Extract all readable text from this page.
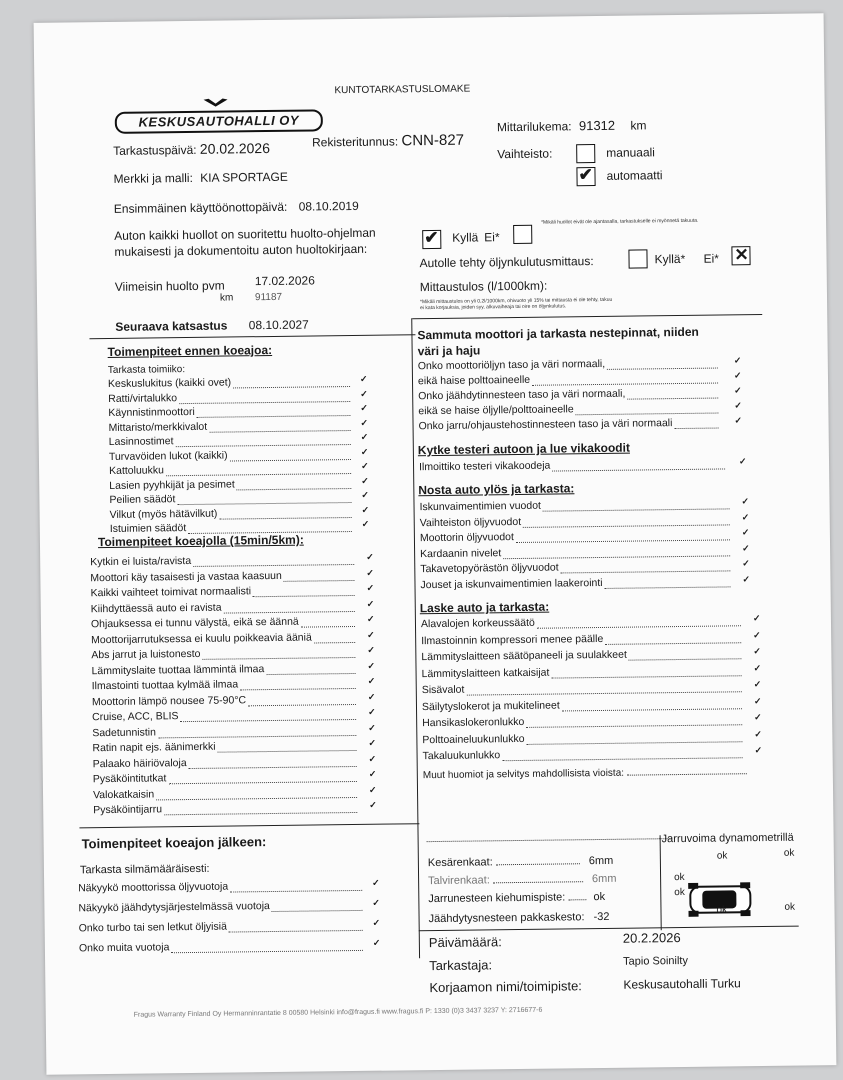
KESKUSAUTOHALLI OY
KUNTOTARKASTUSLOMAKE
Tarkastuspäivä: 20.02.2026	Rekisteritunnus: CNN-827
Mittarilukema: 91312 km
Merkki ja malli: KIA SPORTAGE
Vaihteisto:	manuaali
✔ automaatti
Ensimmäinen käyttöönottopäivä: 08.10.2019
Auton kaikki huollot on suoritettu huolto-ohjelman
mukaisesti ja dokumentoitu auton huoltokirjaan:
✔ Kyllä Ei*
*Mikäli huollot eivät ole ajantasalla, tarkastukselle ei myönnetä takuuta.
Autolle tehty öljynkulutusmittaus:	Kyllä* Ei* ✕
Viimeisin huolto pvm 17.02.2026
km 91187
Mittaustulos (l/1000km):
*Mikäli mittaustulos on yli 0,2l/1000km, ohivuoto yli 15% tai mittausta ei ole tehty, takuu
ei kata korjauksia, joiden syy, alkuvaiheaja tai oire on öljynkulutus.
Seuraava katsastus 08.10.2027
Toimenpiteet ennen koeajoa:
Tarkasta toimiiko:
Keskuslukitus (kaikki ovet)	✓
Ratti/virtalukko	✓
Käynnistinmoottori	✓
Mittaristo/merkkivalot	✓
Lasinnostimet	✓
Turvavöiden lukot (kaikki)	✓
Kattoluukku	✓
Lasien pyyhkijät ja pesimet	✓
Peilien säädöt	✓
Vilkut (myös hätävilkut)	✓
Istuimien säädöt	✓
Toimenpiteet koeajolla (15min/5km):
Kytkin ei luista/ravista	✓
Moottori käy tasaisesti ja vastaa kaasuun	✓
Kaikki vaihteet toimivat normaalisti	✓
Kiihdyttäessä auto ei ravista	✓
Ohjauksessa ei tunnu välystä, eikä se äännä	✓
Moottorijarrutuksessa ei kuulu poikkeavia ääniä	✓
Abs jarrut ja luistonesto	✓
Lämmityslaite tuottaa lämmintä ilmaa	✓
Ilmastointi tuottaa kylmää ilmaa	✓
Moottorin lämpö nousee 75-90°C	✓
Cruise, ACC, BLIS	✓
Sadetunnistin	✓
Ratin napit ejs. äänimerkki	✓
Palaako häiriövaloja	✓
Pysäköintitutkat	✓
Valokatkaisin	✓
Pysäköintijarru	✓
Toimenpiteet koeajon jälkeen:
Tarkasta silmämääräisesti:
Näkyykö moottorissa öljyvuotoja	✓
Näkyykö jäähdytysjärjestelmässä vuotoja	✓
Onko turbo tai sen letkut öljyisiä	✓
Onko muita vuotoja	✓
Sammuta moottori ja tarkasta nestepinnat, niiden
väri ja haju
Onko moottoriöljyn taso ja väri normaali,	✓
eikä haise polttoaineelle	✓
Onko jäähdytinnesteen taso ja väri normaali,	✓
eikä se haise öljylle/polttoaineelle	✓
Onko jarru/ohjaustehostinnesteen taso ja väri normaali	✓
Kytke testeri autoon ja lue vikakoodit
Ilmoittiko testeri vikakoodeja	✓
Nosta auto ylös ja tarkasta:
Iskunvaimentimien vuodot	✓
Vaihteiston öljyvuodot	✓
Moottorin öljyvuodot	✓
Kardaanin nivelet	✓
Takavetopyörästön öljyvuodot	✓
Jouset ja iskunvaimentimien laakerointi	✓
Laske auto ja tarkasta:
Alavalojen korkeussäätö	✓
Ilmastoinnin kompressori menee päälle	✓
Lämmityslaitteen säätöpaneeli ja suulakkeet	✓
Lämmityslaitteen katkaisijat	✓
Sisävalot	✓
Säilytyslokerot ja mukitelineet	✓
Hansikaslokeronlukko	✓
Polttoaineluukunlukko	✓
Takaluukunlukko	✓
Muut huomiot ja selvitys mahdollisista vioista:
Kesärenkaat:	6mm
Talvirenkaat:	6mm
Jarrunesteen kiehumispiste:	ok
Jäähdytysnesteen pakkaskesto: -32
Jarruvoima dynamometrillä
ok	ok
ok
ok
ok	ok
Päivämäärä:	20.2.2026
Tarkastaja:	Tapio Soinilty
Korjaamon nimi/toimipiste:	Keskusautohalli Turku
Fragus Warranty Finland Oy Hermanninrantatie 8 00580 Helsinki info@fragus.fi www.fragus.fi P: 1330 (0)3 3437 3237 Y: 2716677-6
